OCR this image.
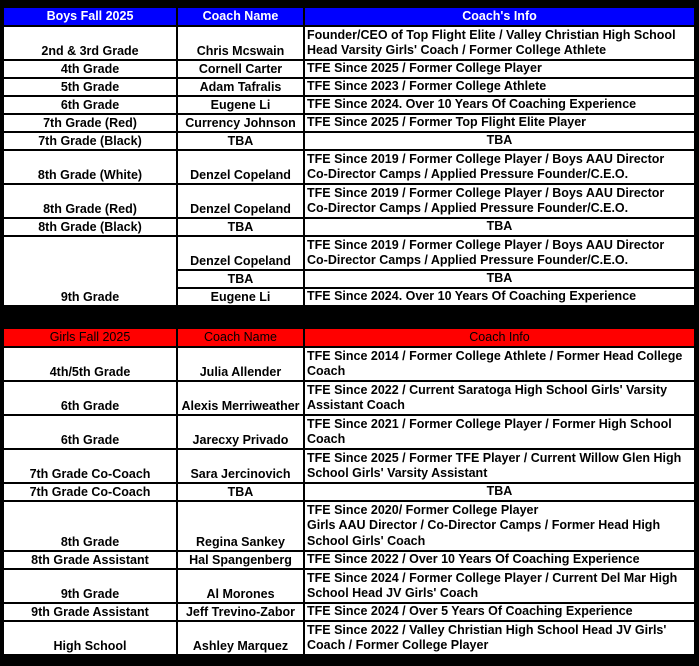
Boys Fall 2025	Coach Name	Coach's Info
2nd & 3rd Grade	Chris Mcswain	Founder/CEO of Top Flight Elite / Valley Christian High School Head Varsity Girls' Coach / Former College Athlete
4th Grade	Cornell Carter	TFE Since 2025 / Former College Player
5th Grade	Adam Tafralis	TFE Since 2023 / Former College Athlete
6th Grade	Eugene Li	TFE Since 2024. Over 10 Years Of Coaching Experience
7th Grade (Red)	Currency Johnson	TFE Since 2025 / Former Top Flight Elite Player
7th Grade (Black)	TBA	TBA
8th Grade (White)	Denzel Copeland	TFE Since 2019 / Former College Player / Boys AAU Director
Co-Director Camps / Applied Pressure Founder/C.E.O.
8th Grade (Red)	Denzel Copeland	TFE Since 2019 / Former College Player / Boys AAU Director
Co-Director Camps / Applied Pressure Founder/C.E.O.
8th Grade (Black)	TBA	TBA
9th Grade	Denzel Copeland	TFE Since 2019 / Former College Player / Boys AAU Director
Co-Director Camps / Applied Pressure Founder/C.E.O.
	TBA	TBA
	Eugene Li	TFE Since 2024. Over 10 Years Of Coaching Experience
Girls Fall 2025	Coach Name	Coach Info
4th/5th Grade	Julia Allender	TFE Since 2014 / Former College Athlete / Former Head College Coach
6th Grade	Alexis Merriweather	TFE Since 2022 / Current Saratoga High School Girls' Varsity Assistant Coach
6th Grade	Jarecxy Privado	TFE Since 2021 / Former College Player / Former High School Coach
7th Grade Co-Coach	Sara Jercinovich	TFE Since 2025 / Former TFE Player / Current Willow Glen High School Girls' Varsity Assistant
7th Grade Co-Coach	TBA	TBA
8th Grade	Regina Sankey	TFE Since 2020/ Former College Player
Girls AAU Director / Co-Director Camps / Former Head High School Girls' Coach
8th Grade Assistant	Hal Spangenberg	TFE Since 2022 / Over 10 Years Of Coaching Experience
9th Grade	Al Morones	TFE Since 2024 / Former College Player / Current Del Mar High School Head JV Girls' Coach
9th Grade Assistant	Jeff Trevino-Zabor	TFE Since 2024 / Over 5 Years Of Coaching Experience
High School	Ashley Marquez	TFE Since 2022 / Valley Christian High School Head JV Girls' Coach / Former College Player
